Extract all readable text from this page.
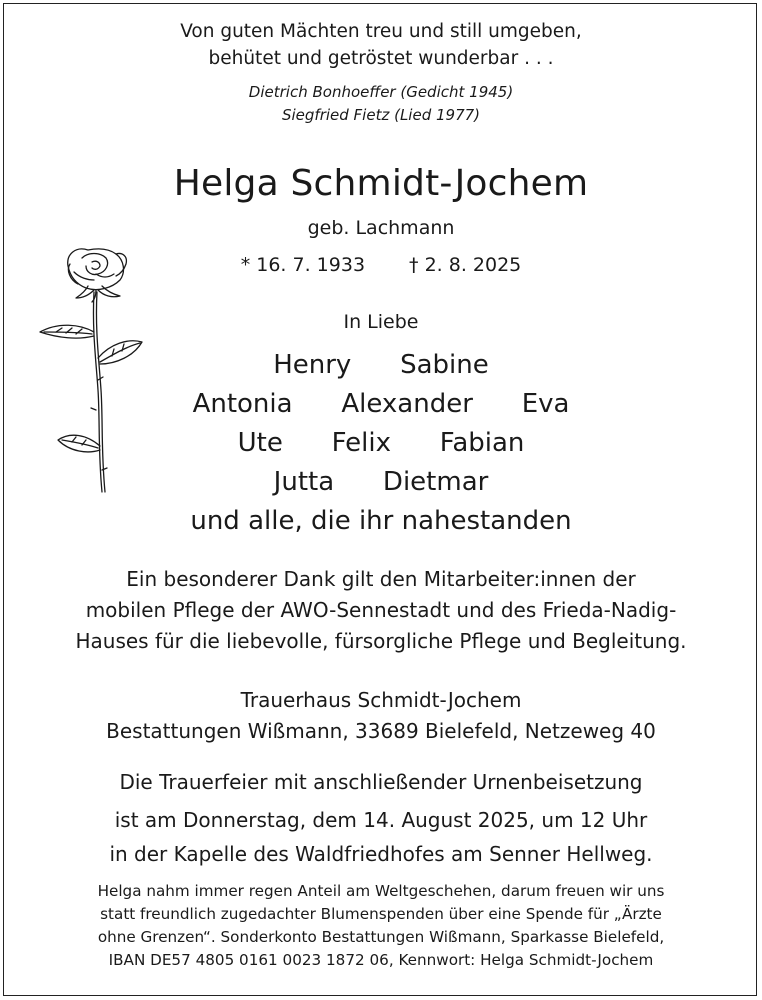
Von guten Mächten treu und still umgeben,
behütet und getröstet wunderbar . . .
Dietrich Bonhoeffer (Gedicht 1945)
Siegfried Fietz (Lied 1977)
Helga Schmidt-Jochem
geb. Lachmann
* 16. 7. 1933 † 2. 8. 2025
In Liebe
Henry   Sabine
Antonia   Alexander   Eva
Ute   Felix   Fabian
Jutta   Dietmar
und alle, die ihr nahestanden
Ein besonderer Dank gilt den Mitarbeiter:innen der
mobilen Pflege der AWO-Sennestadt und des Frieda-Nadig-
Hauses für die liebevolle, fürsorgliche Pflege und Begleitung.
Trauerhaus Schmidt-Jochem
Bestattungen Wißmann, 33689 Bielefeld, Netzeweg 40
Die Trauerfeier mit anschließender Urnenbeisetzung
ist am Donnerstag, dem 14. August 2025, um 12 Uhr
in der Kapelle des Waldfriedhofes am Senner Hellweg.
Helga nahm immer regen Anteil am Weltgeschehen, darum freuen wir uns
statt freundlich zugedachter Blumenspenden über eine Spende für „Ärzte
ohne Grenzen“. Sonderkonto Bestattungen Wißmann, Sparkasse Bielefeld,
IBAN DE57 4805 0161 0023 1872 06, Kennwort: Helga Schmidt-Jochem
